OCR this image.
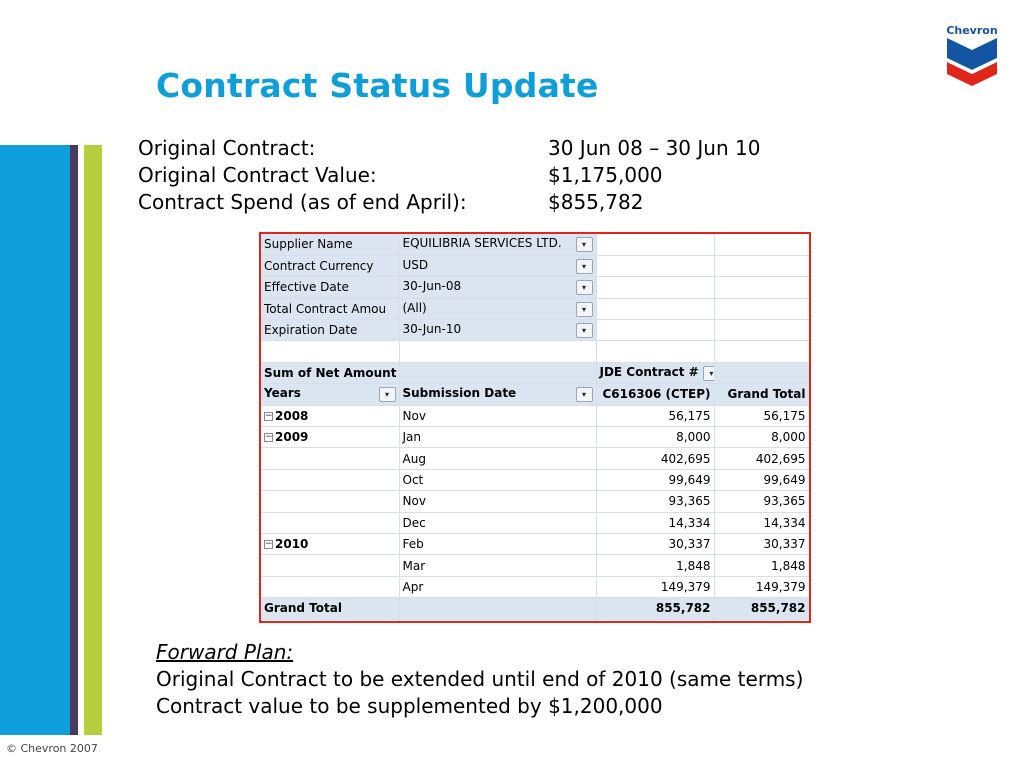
Contract Status Update
Chevron
Original Contract:	30 Jun 08 – 30 Jun 10
Original Contract Value:	$1,175,000
Contract Spend (as of end April):	$855,782
Supplier Name	EQUILIBRIA SERVICES LTD. ▾		

Contract Currency	USD ▾		

Effective Date	30-Jun-08 ▾		

Total Contract Amou	(All) ▾		

Expiration Date	30-Jun-10 ▾		

Sum of Net Amount		JDE Contract # ▾	
Years ▾	Submission Date ▾	C616306 (CTEP)	Grand Total
− 2008	Nov	56,175	56,175
− 2009	Jan	8,000	8,000
	Aug	402,695	402,695
	Oct	99,649	99,649
	Nov	93,365	93,365
	Dec	14,334	14,334
− 2010	Feb	30,337	30,337
	Mar	1,848	1,848
	Apr	149,379	149,379
Grand Total		855,782	855,782

Forward Plan:
Original Contract to be extended until end of 2010 (same terms)
Contract value to be supplemented by $1,200,000
© Chevron 2007
